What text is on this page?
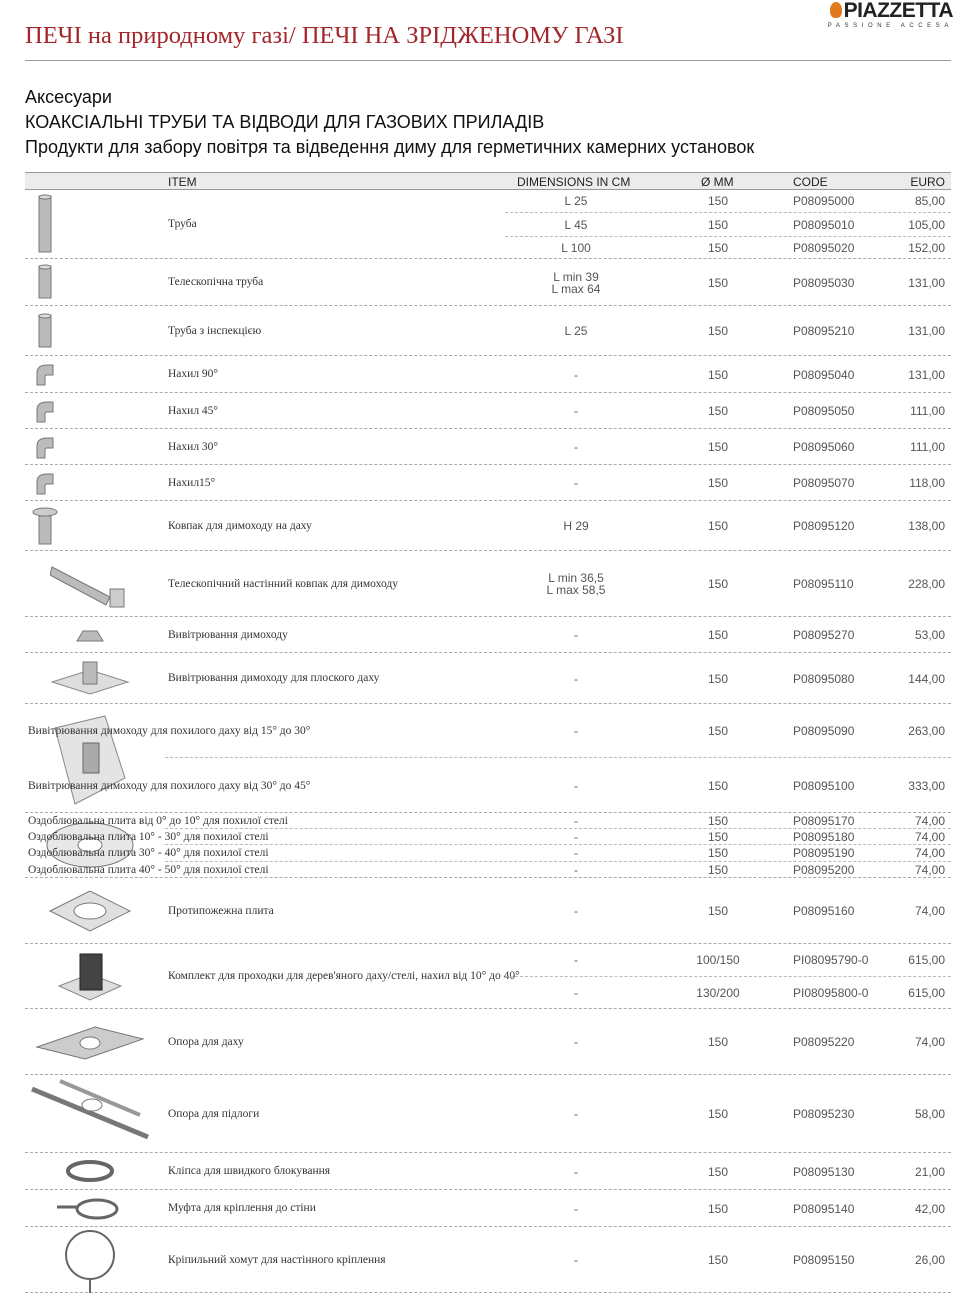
PIAZZETTA
PASSIONE ACCESA
ПЕЧІ на природному газі/ ПЕЧІ НА ЗРІДЖЕНОМУ ГАЗІ
Аксесуари
КОАКСІАЛЬНІ ТРУБИ ТА ВІДВОДИ ДЛЯ ГАЗОВИХ ПРИЛАДІВ
Продукти для забору повітря та відведення диму для герметичних камерних установок
ITEM	DIMENSIONS IN CM	Ø MM	CODE	EURO
Труба
L 25	150	P08095000	85,00
L 45	150	P08095010	105,00
L 100	150	P08095020	152,00
Телескопічна труба	L min 39
L max 64	150	P08095030	131,00
Труба з інспекцією	L 25	150	P08095210	131,00
Нахил 90°	-	150	P08095040	131,00
Нахил 45°	-	150	P08095050	111,00
Нахил 30°	-	150	P08095060	111,00
Нахил15°	-	150	P08095070	118,00
Ковпак для димоходу на даху	H 29	150	P08095120	138,00
Телескопічний настінний ковпак для димоходу	L min 36,5
L max 58,5	150	P08095110	228,00
Вивітрювання димоходу	-	150	P08095270	53,00
Вивітрювання димоходу для плоского даху	-	150	P08095080	144,00
Вивітрювання димоходу для похилого даху від 15° до 30°	-	150	P08095090	263,00
Вивітрювання димоходу для похилого даху від 30° до 45°	-	150	P08095100	333,00
Оздоблювальна плита від 0° до 10° для похилої стелі	-	150	P08095170	74,00
Оздоблювальна плита 10° - 30° для похилої стелі	-	150	P08095180	74,00
Оздоблювальна плита 30° - 40° для похилої стелі	-	150	P08095190	74,00
Оздоблювальна плита 40° - 50° для похилої стелі	-	150	P08095200	74,00
Протипожежна плита	-	150	P08095160	74,00
Комплект для проходки для дерев'яного даху/стелі, нахил від 10° до 40°
-	100/150	PI08095790-0	615,00
-	130/200	PI08095800-0	615,00
Опора для даху	-	150	P08095220	74,00
Опора для підлоги	-	150	P08095230	58,00
Кліпса для швидкого блокування	-	150	P08095130	21,00
Муфта для кріплення до стіни	-	150	P08095140	42,00
Кріпильний хомут для настінного кріплення	-	150	P08095150	26,00
